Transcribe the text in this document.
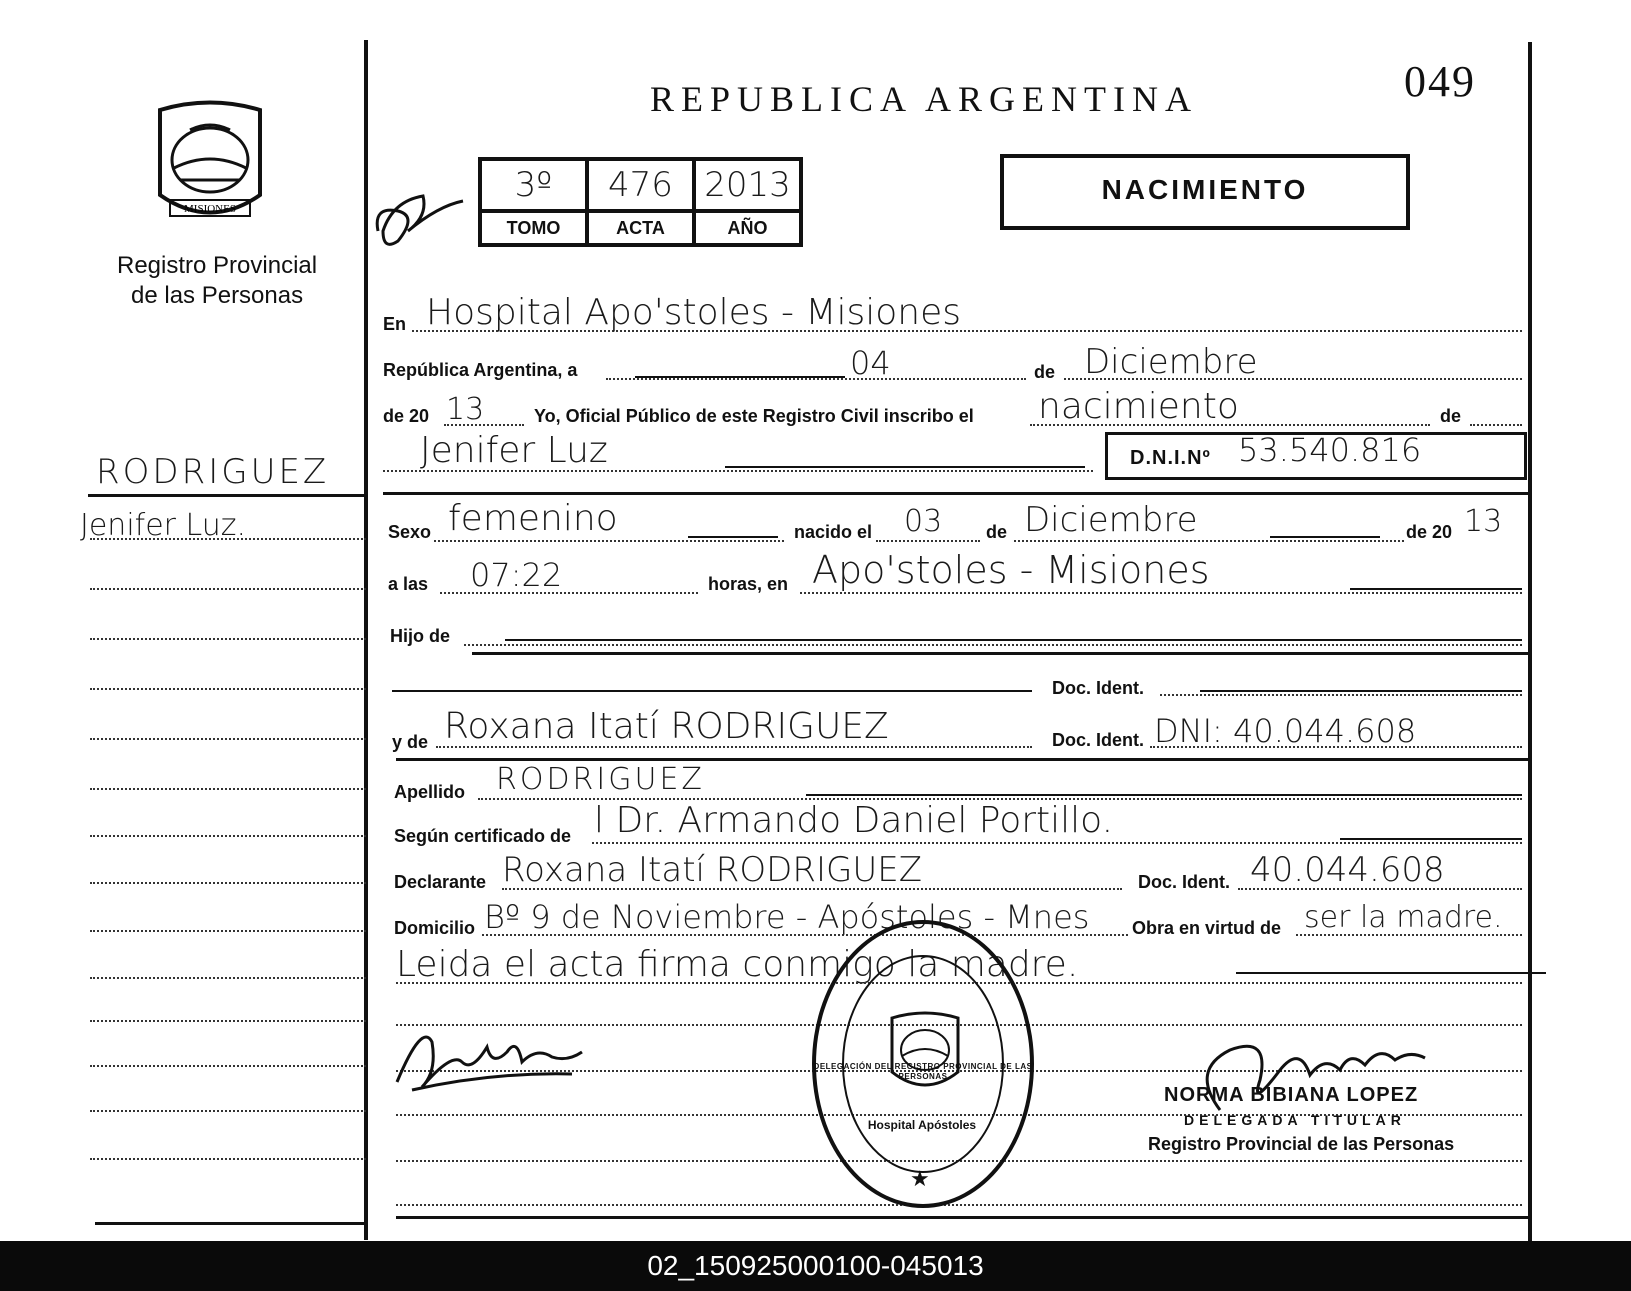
REPUBLICA ARGENTINA	049
MISIONES
Registro Provincial
de las Personas
3º	476	2013
TOMO	ACTA	AÑO
NACIMIENTO
RODRIGUEZ
Jenifer Luz.
En Hospital Apo'stoles - Misiones
República Argentina, a	04	de Diciembre
de 20 13	Yo, Oficial Público de este Registro Civil inscribo el nacimiento	de
Jenifer Luz	D.N.I.Nº 53.540.816
Sexo femenino	nacido el 03 de Diciembre	de 20 13
a las 07:22	horas, en Apo'stoles - Misiones
Hijo de
Doc. Ident.
y de Roxana Itatí RODRIGUEZ	Doc. Ident. DNI: 40.044.608
Apellido RODRIGUEZ
Según certificado de l Dr. Armando Daniel Portillo.
Declarante Roxana Itatí RODRIGUEZ	Doc. Ident. 40.044.608
Domicilio Bº 9 de Noviembre - Apóstoles - Mnes Obra en virtud de ser la madre.
Leida el acta firma conmigo la madre.
DELEGACIÓN DEL REGISTRO PROVINCIAL DE LAS PERSONAS
Hospital Apóstoles
★
NORMA BIBIANA LOPEZ
DELEGADA TITULAR
Registro Provincial de las Personas
02_150925000100-045013
